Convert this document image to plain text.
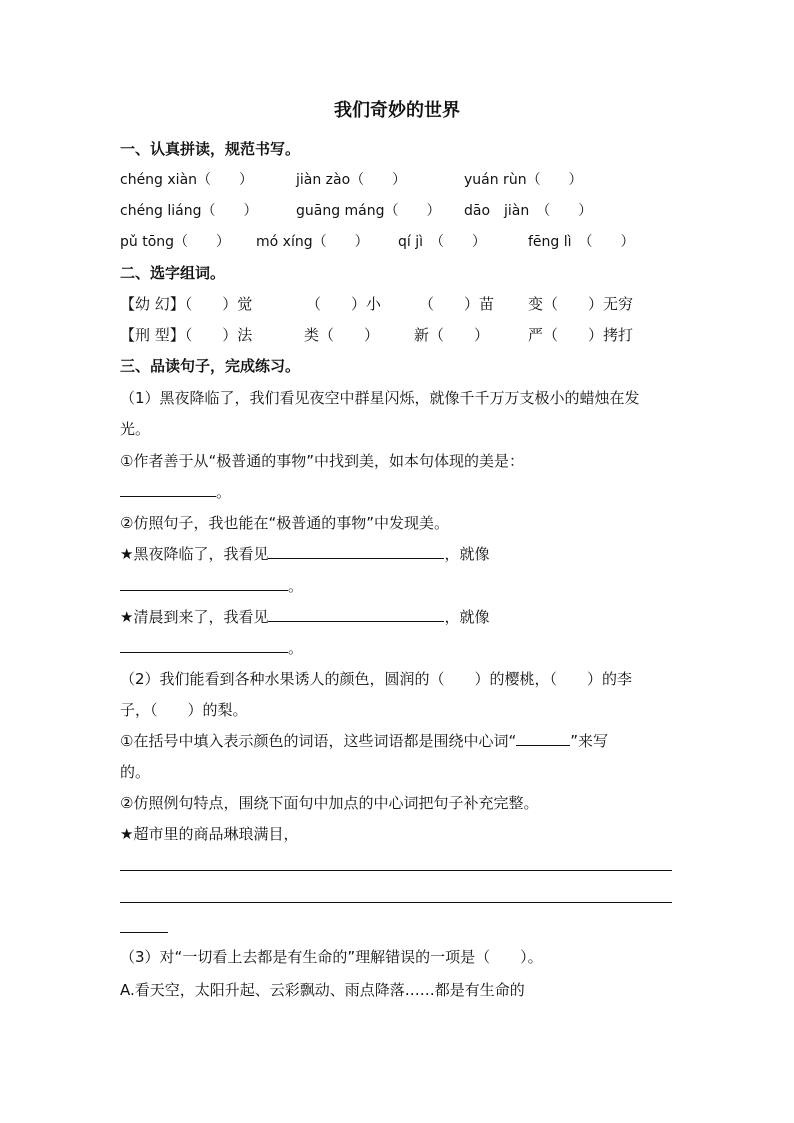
我们奇妙的世界
一、认真拼读，规范书写。
chéng xiàn（　　）	jiàn zào（　　）	yuán rùn（　　）
chéng liáng（　　）	guāng máng（　　） dāo　jiàn　（　　）
pǔ tōng（　　） mó xíng（　　） qí jì　（　　）	fēng lì　（　　）
二、选字组词。
【幼 幻】（　　）觉	（　　）小	（　　）苗 变（　　）无穷
【刑 型】（　　）法	类（　　） 新（　　）	严（　　）拷打
三、品读句子，完成练习。
（1）黑夜降临了，我们看见夜空中群星闪烁，就像千千万万支极小的蜡烛在发
光。
①作者善于从“极普通的事物”中找到美，如本句体现的美是：
。
②仿照句子，我也能在“极普通的事物”中发现美。
★黑夜降临了，我看见	，就像
。
★清晨到来了，我看见	，就像
。
（2）我们能看到各种水果诱人的颜色，圆润的（　　）的樱桃，（　　）的李
子，（　　）的梨。
①在括号中填入表示颜色的词语，这些词语都是围绕中心词“	”来写
的。
②仿照例句特点，围绕下面句中加点的中心词把句子补充完整。
★超市里的商品琳琅满目，
（3）对“一切看上去都是有生命的”理解错误的一项是（　　）。
A.看天空，太阳升起、云彩飘动、雨点降落……都是有生命的
